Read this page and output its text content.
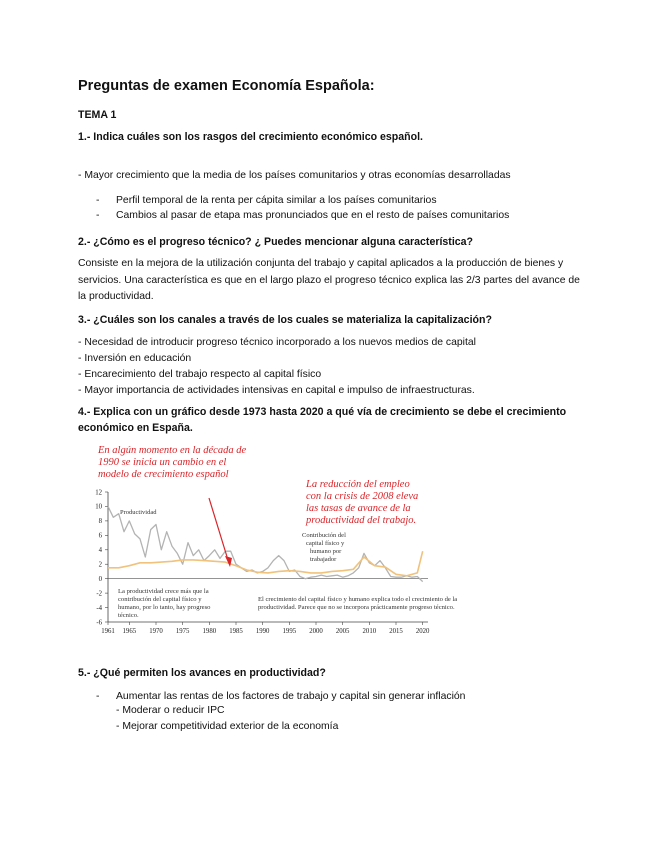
Preguntas de examen Economía Española:
TEMA 1
1.- Indica cuáles son los rasgos del crecimiento económico español.
- Mayor crecimiento que la media de los países comunitarios y otras economías desarrolladas
- Perfil temporal de la renta per cápita similar a los países comunitarios
- Cambios al pasar de etapa mas pronunciados que en el resto de países comunitarios
2.- ¿Cómo es el progreso técnico? ¿ Puedes mencionar alguna característica?
Consiste en la mejora de la utilización conjunta del trabajo y capital aplicados a la producción de bienes y servicios. Una característica es que en el largo plazo el progreso técnico explica las 2/3 partes del avance de la productividad.
3.- ¿Cuáles son los canales a través de los cuales se materializa la capitalización?
- Necesidad de introducir progreso técnico incorporado a los nuevos medios de capital
- Inversión en educación
- Encarecimiento del trabajo respecto al capital físico
- Mayor importancia de actividades intensivas en capital e impulso de infraestructuras.
4.- Explica con un gráfico desde 1973 hasta 2020 a qué vía de crecimiento se debe el crecimiento
económico en España.
12
10
8
6
4
2
0
-2
-4
-6
1961 1965 1970 1975 1980 1985 1990 1995 2000 2005 2010 2015 2020
En algún momento en la década de
1990 se inicia un cambio en el
modelo de crecimiento español
La reducción del empleo
con la crisis de 2008 eleva
las tasas de avance de la
productividad del trabajo.
Productividad
Contribución del
capital físico y
humano por
trabajador
La productividad crece más que la
contribución del capital físico y
humano, por lo tanto, hay progreso
técnico.
El crecimiento del capital físico y humano explica todo el crecimiento de la
productividad. Parece que no se incorpora prácticamente progreso técnico.
5.- ¿Qué permiten los avances en productividad?
- Aumentar las rentas de los factores de trabajo y capital sin generar inflación
- Moderar o reducir IPC
- Mejorar competitividad exterior de la economía
